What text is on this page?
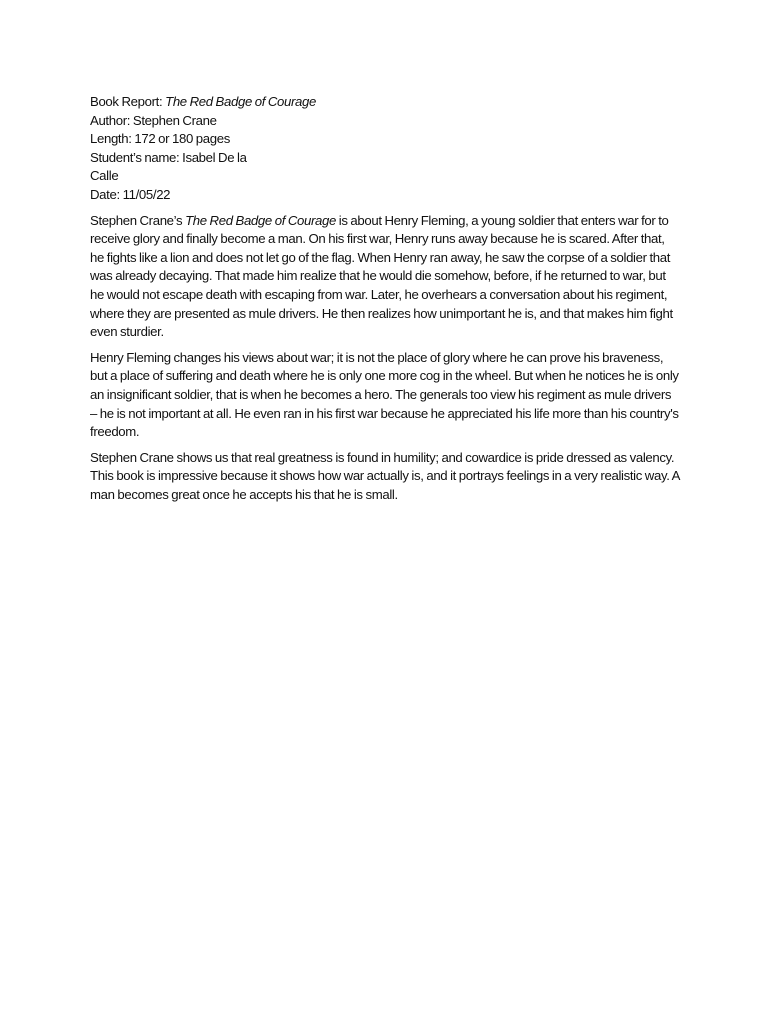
Book Report: The Red Badge of Courage

Author: Stephen Crane

Length: 172 or 180 pages

Student’s name: Isabel De la

Calle

Date: 11/05/22

Stephen Crane’s The Red Badge of Courage is about Henry Fleming, a young soldier that enters war for to receive glory and finally become a man. On his first war, Henry runs away because he is scared. After that, he fights like a lion and does not let go of the flag. When Henry ran away, he saw the corpse of a soldier that was already decaying. That made him realize that he would die somehow, before, if he returned to war, but he would not escape death with escaping from war. Later, he overhears a conversation about his regiment, where they are presented as mule drivers. He then realizes how unimportant he is, and that makes him fight even sturdier.

Henry Fleming changes his views about war; it is not the place of glory where he can prove his braveness, but a place of suffering and death where he is only one more cog in the wheel. But when he notices he is only an insignificant soldier, that is when he becomes a hero. The generals too view his regiment as mule drivers – he is not important at all. He even ran in his first war because he appreciated his life more than his country's freedom.

Stephen Crane shows us that real greatness is found in humility; and cowardice is pride dressed as valency. This book is impressive because it shows how war actually is, and it portrays feelings in a very realistic way. A man becomes great once he accepts his that he is small.
